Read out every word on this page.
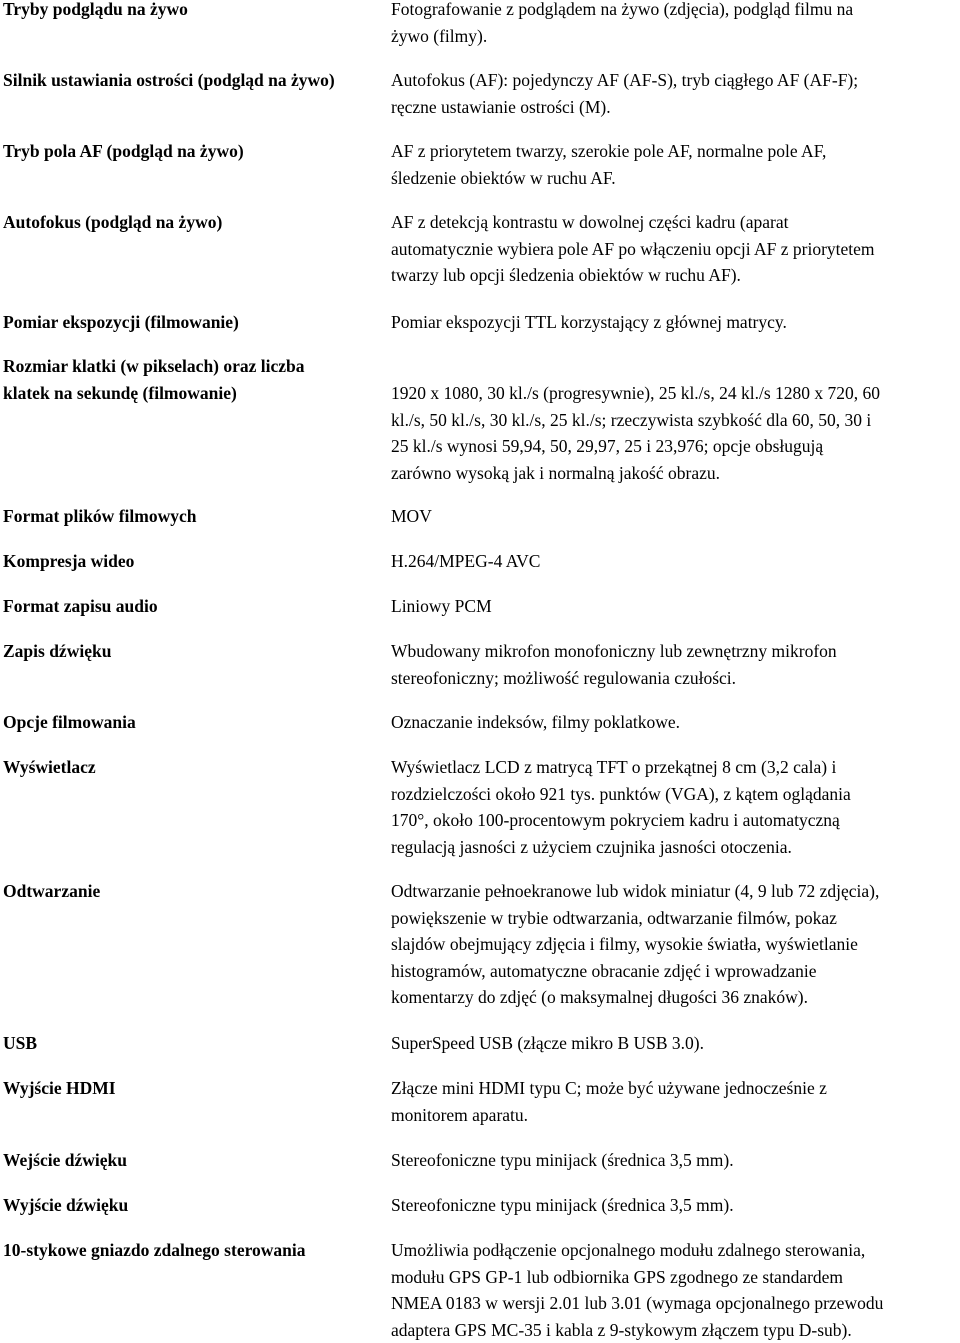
Tryby podglądu na żywo	Fotografowanie z podglądem na żywo (zdjęcia), podgląd filmu na
żywo (filmy).
Silnik ustawiania ostrości (podgląd na żywo)	Autofokus (AF): pojedynczy AF (AF-S), tryb ciągłego AF (AF-F);
ręczne ustawianie ostrości (M).
Tryb pola AF (podgląd na żywo)	AF z priorytetem twarzy, szerokie pole AF, normalne pole AF,
śledzenie obiektów w ruchu AF.
Autofokus (podgląd na żywo)	AF z detekcją kontrastu w dowolnej części kadru (aparat
automatycznie wybiera pole AF po włączeniu opcji AF z priorytetem
twarzy lub opcji śledzenia obiektów w ruchu AF).
Pomiar ekspozycji (filmowanie)	Pomiar ekspozycji TTL korzystający z głównej matrycy.
Rozmiar klatki (w pikselach) oraz liczba
klatek na sekundę (filmowanie)	1920 x 1080, 30 kl./s (progresywnie), 25 kl./s, 24 kl./s 1280 x 720, 60
kl./s, 50 kl./s, 30 kl./s, 25 kl./s; rzeczywista szybkość dla 60, 50, 30 i
25 kl./s wynosi 59,94, 50, 29,97, 25 i 23,976; opcje obsługują
zarówno wysoką jak i normalną jakość obrazu.
Format plików filmowych	MOV
Kompresja wideo	H.264/MPEG-4 AVC
Format zapisu audio	Liniowy PCM
Zapis dźwięku	Wbudowany mikrofon monofoniczny lub zewnętrzny mikrofon
stereofoniczny; możliwość regulowania czułości.
Opcje filmowania	Oznaczanie indeksów, filmy poklatkowe.
Wyświetlacz	Wyświetlacz LCD z matrycą TFT o przekątnej 8 cm (3,2 cala) i
rozdzielczości około 921 tys. punktów (VGA), z kątem oglądania
170°, około 100-procentowym pokryciem kadru i automatyczną
regulacją jasności z użyciem czujnika jasności otoczenia.
Odtwarzanie	Odtwarzanie pełnoekranowe lub widok miniatur (4, 9 lub 72 zdjęcia),
powiększenie w trybie odtwarzania, odtwarzanie filmów, pokaz
slajdów obejmujący zdjęcia i filmy, wysokie światła, wyświetlanie
histogramów, automatyczne obracanie zdjęć i wprowadzanie
komentarzy do zdjęć (o maksymalnej długości 36 znaków).
USB	SuperSpeed USB (złącze mikro B USB 3.0).
Wyjście HDMI	Złącze mini HDMI typu C; może być używane jednocześnie z
monitorem aparatu.
Wejście dźwięku	Stereofoniczne typu minijack (średnica 3,5 mm).
Wyjście dźwięku	Stereofoniczne typu minijack (średnica 3,5 mm).
10-stykowe gniazdo zdalnego sterowania	Umożliwia podłączenie opcjonalnego modułu zdalnego sterowania,
modułu GPS GP-1 lub odbiornika GPS zgodnego ze standardem
NMEA 0183 w wersji 2.01 lub 3.01 (wymaga opcjonalnego przewodu
adaptera GPS MC-35 i kabla z 9-stykowym złączem typu D-sub).
